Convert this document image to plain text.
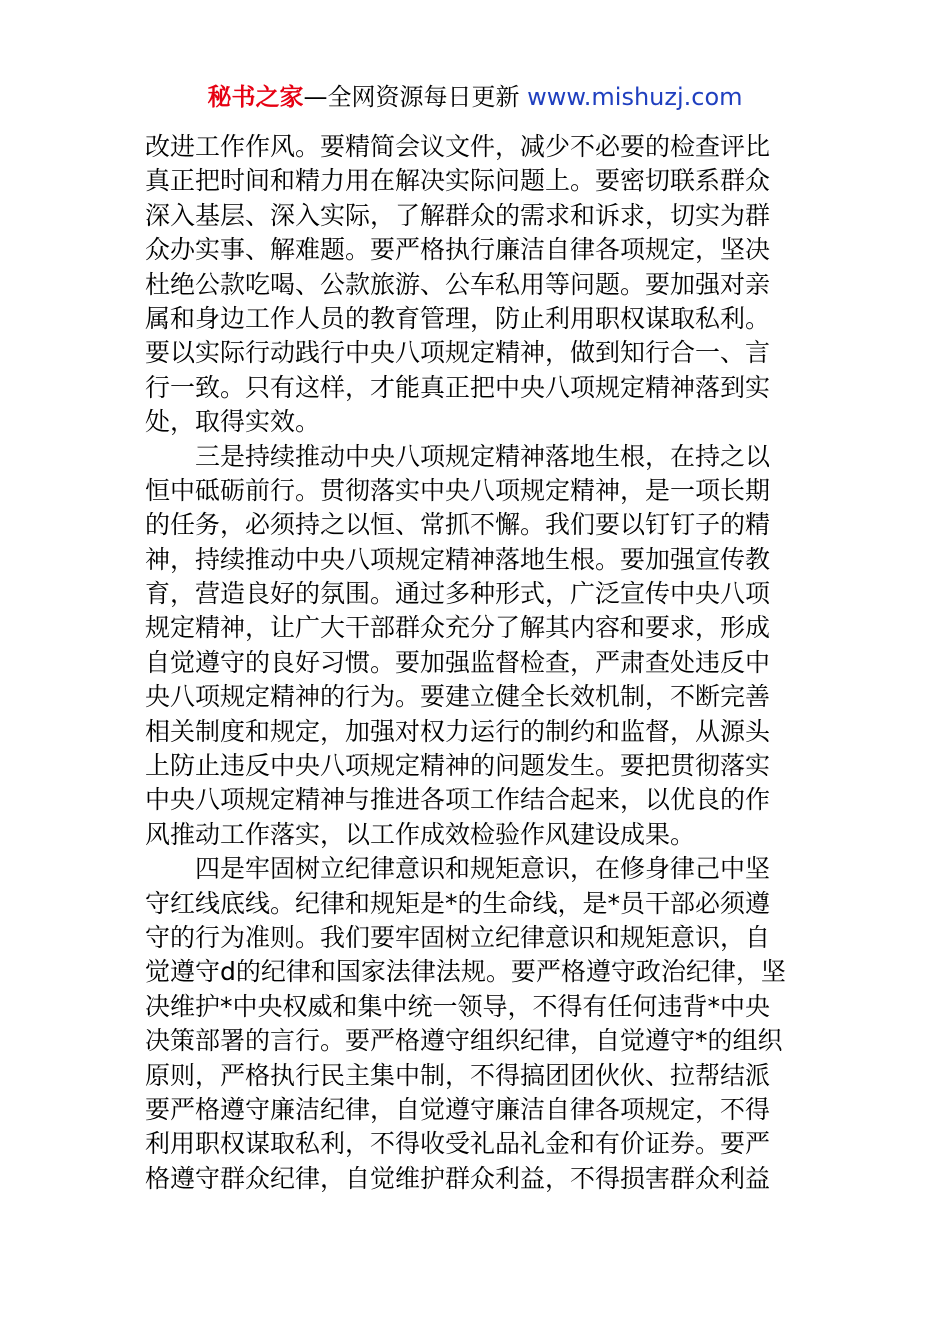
秘书之家—全网资源每日更新 www.mishuzj.com
改进工作作风。要精简会议文件，减少不必要的检查评比
真正把时间和精力用在解决实际问题上。要密切联系群众
深入基层、深入实际，了解群众的需求和诉求，切实为群
众办实事、解难题。要严格执行廉洁自律各项规定，坚决
杜绝公款吃喝、公款旅游、公车私用等问题。要加强对亲
属和身边工作人员的教育管理，防止利用职权谋取私利。
要以实际行动践行中央八项规定精神，做到知行合一、言
行一致。只有这样，才能真正把中央八项规定精神落到实
处，取得实效。
三是持续推动中央八项规定精神落地生根，在持之以
恒中砥砺前行。贯彻落实中央八项规定精神，是一项长期
的任务，必须持之以恒、常抓不懈。我们要以钉钉子的精
神，持续推动中央八项规定精神落地生根。要加强宣传教
育，营造良好的氛围。通过多种形式，广泛宣传中央八项
规定精神，让广大干部群众充分了解其内容和要求，形成
自觉遵守的良好习惯。要加强监督检查，严肃查处违反中
央八项规定精神的行为。要建立健全长效机制，不断完善
相关制度和规定，加强对权力运行的制约和监督，从源头
上防止违反中央八项规定精神的问题发生。要把贯彻落实
中央八项规定精神与推进各项工作结合起来，以优良的作
风推动工作落实，以工作成效检验作风建设成果。
四是牢固树立纪律意识和规矩意识，在修身律己中坚
守红线底线。纪律和规矩是*的生命线，是*员干部必须遵
守的行为准则。我们要牢固树立纪律意识和规矩意识，自
觉遵守d的纪律和国家法律法规。要严格遵守政治纪律，坚
决维护*中央权威和集中统一领导，不得有任何违背*中央
决策部署的言行。要严格遵守组织纪律，自觉遵守*的组织
原则，严格执行民主集中制，不得搞团团伙伙、拉帮结派
要严格遵守廉洁纪律，自觉遵守廉洁自律各项规定，不得
利用职权谋取私利，不得收受礼品礼金和有价证券。要严
格遵守群众纪律，自觉维护群众利益，不得损害群众利益
